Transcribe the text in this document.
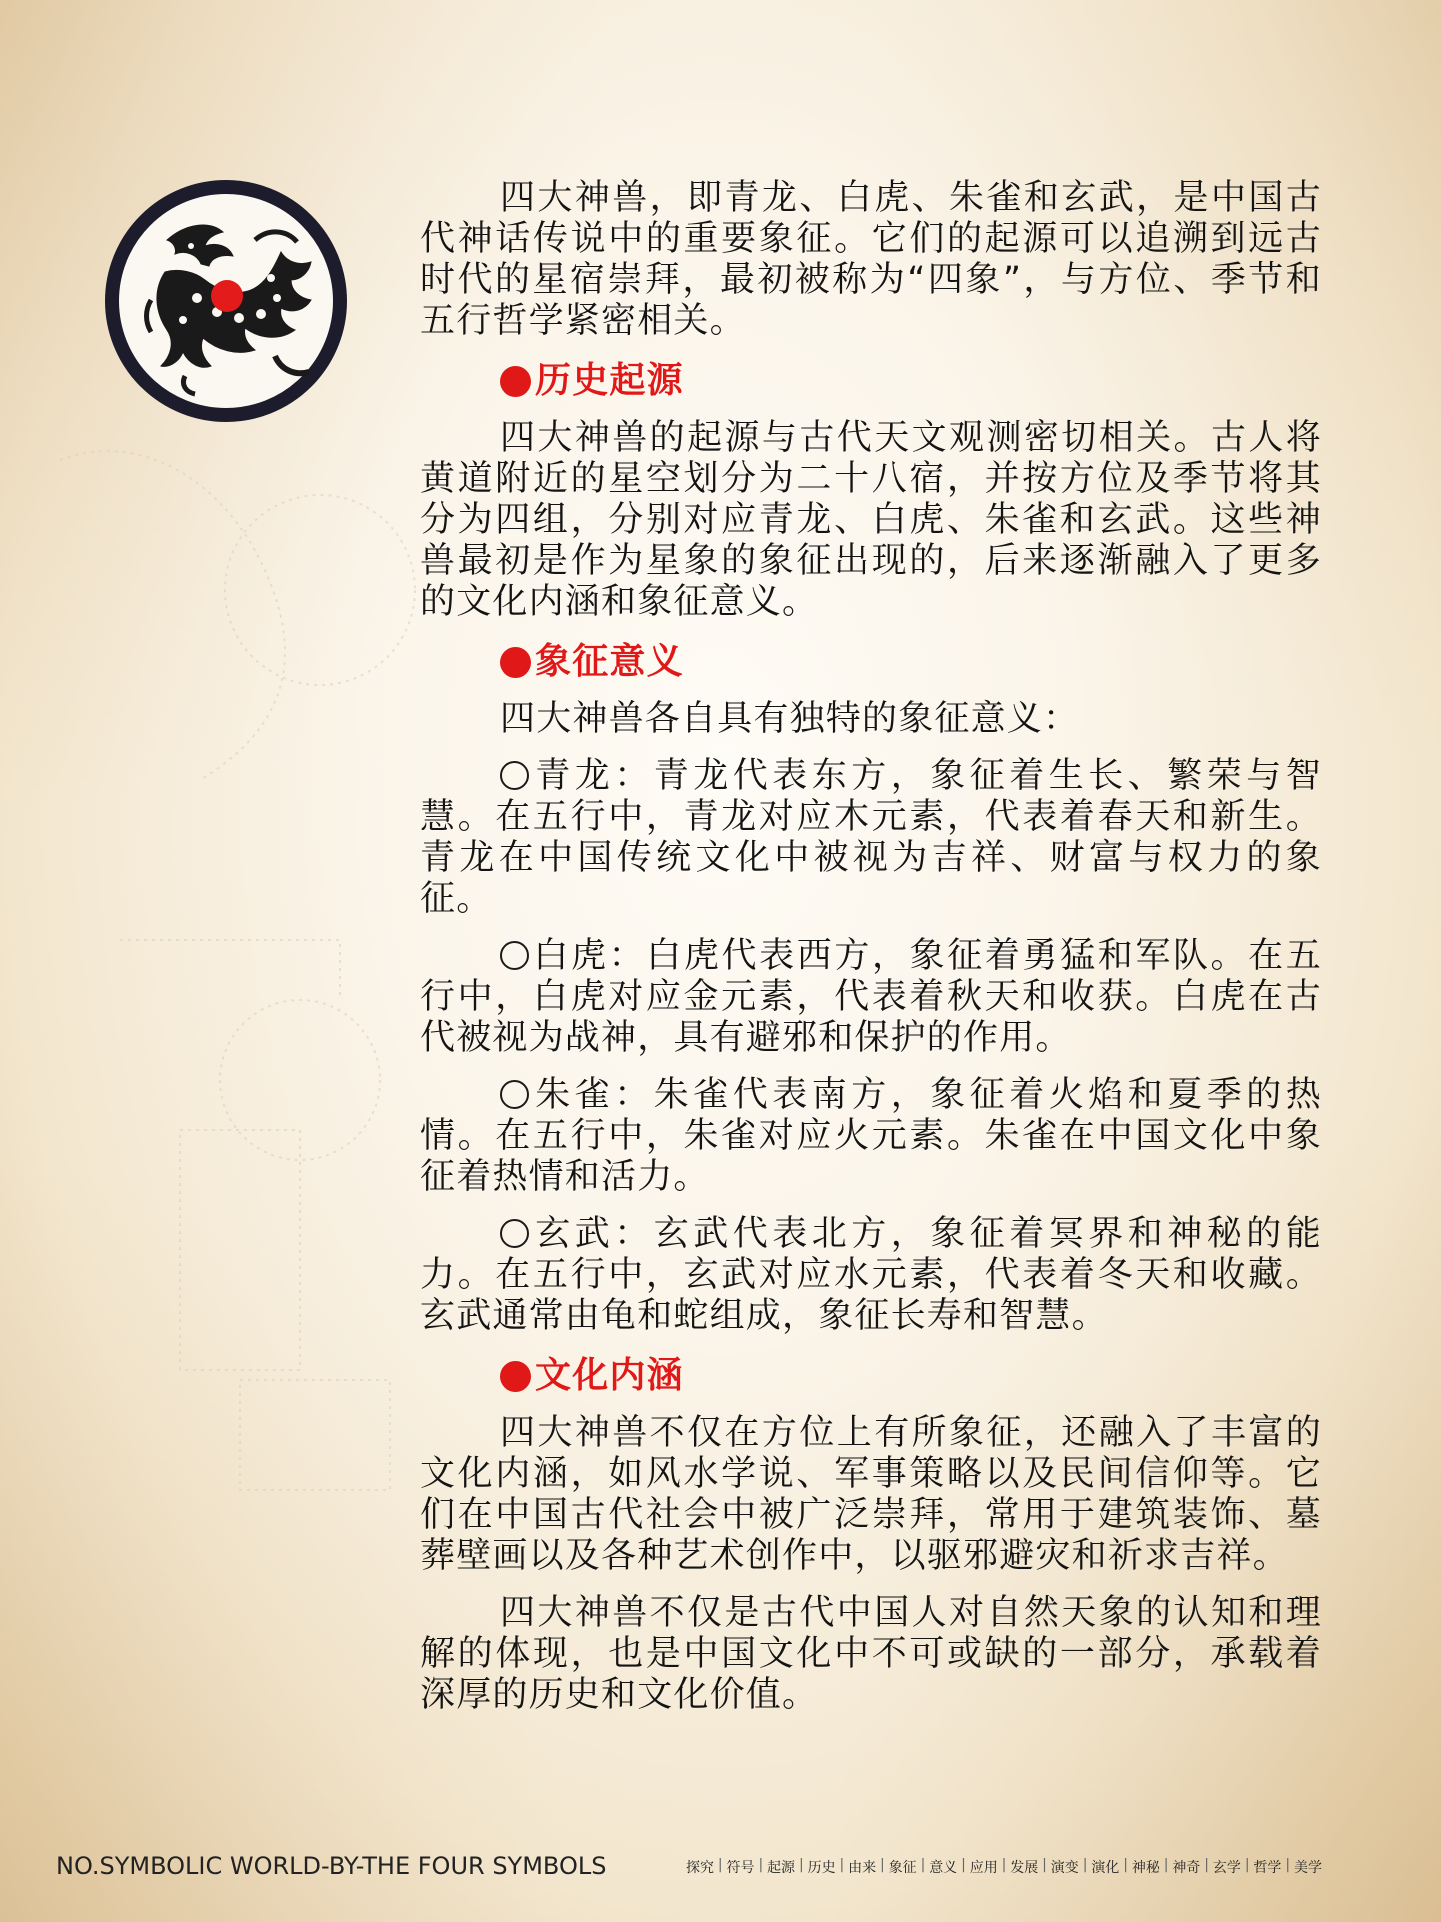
四大神兽，即青龙、白虎、朱雀和玄武，是中国古代神话传说中的重要象征。它们的起源可以追溯到远古时代的星宿崇拜，最初被称为“四象”，与方位、季节和五行哲学紧密相关。

历史起源

四大神兽的起源与古代天文观测密切相关。古人将黄道附近的星空划分为二十八宿，并按方位及季节将其分为四组，分别对应青龙、白虎、朱雀和玄武。这些神兽最初是作为星象的象征出现的，后来逐渐融入了更多的文化内涵和象征意义。

象征意义

四大神兽各自具有独特的象征意义：

青龙：青龙代表东方，象征着生长、繁荣与智慧。在五行中，青龙对应木元素，代表着春天和新生。青龙在中国传统文化中被视为吉祥、财富与权力的象征。

白虎：白虎代表西方，象征着勇猛和军队。在五行中，白虎对应金元素，代表着秋天和收获。白虎在古代被视为战神，具有避邪和保护的作用。

朱雀：朱雀代表南方，象征着火焰和夏季的热情。在五行中，朱雀对应火元素。朱雀在中国文化中象征着热情和活力。

玄武：玄武代表北方，象征着冥界和神秘的能力。在五行中，玄武对应水元素，代表着冬天和收藏。玄武通常由龟和蛇组成，象征长寿和智慧。

文化内涵

四大神兽不仅在方位上有所象征，还融入了丰富的文化内涵，如风水学说、军事策略以及民间信仰等。它们在中国古代社会中被广泛崇拜，常用于建筑装饰、墓葬壁画以及各种艺术创作中，以驱邪避灾和祈求吉祥。

四大神兽不仅是古代中国人对自然天象的认知和理解的体现，也是中国文化中不可或缺的一部分，承载着深厚的历史和文化价值。

NO.SYMBOLIC WORLD-BY-THE FOUR SYMBOLS	探究 | 符号 | 起源 | 历史 | 由来 | 象征 | 意义 | 应用 | 发展 | 演变 | 演化 | 神秘 | 神奇 | 玄学 | 哲学 | 美学
